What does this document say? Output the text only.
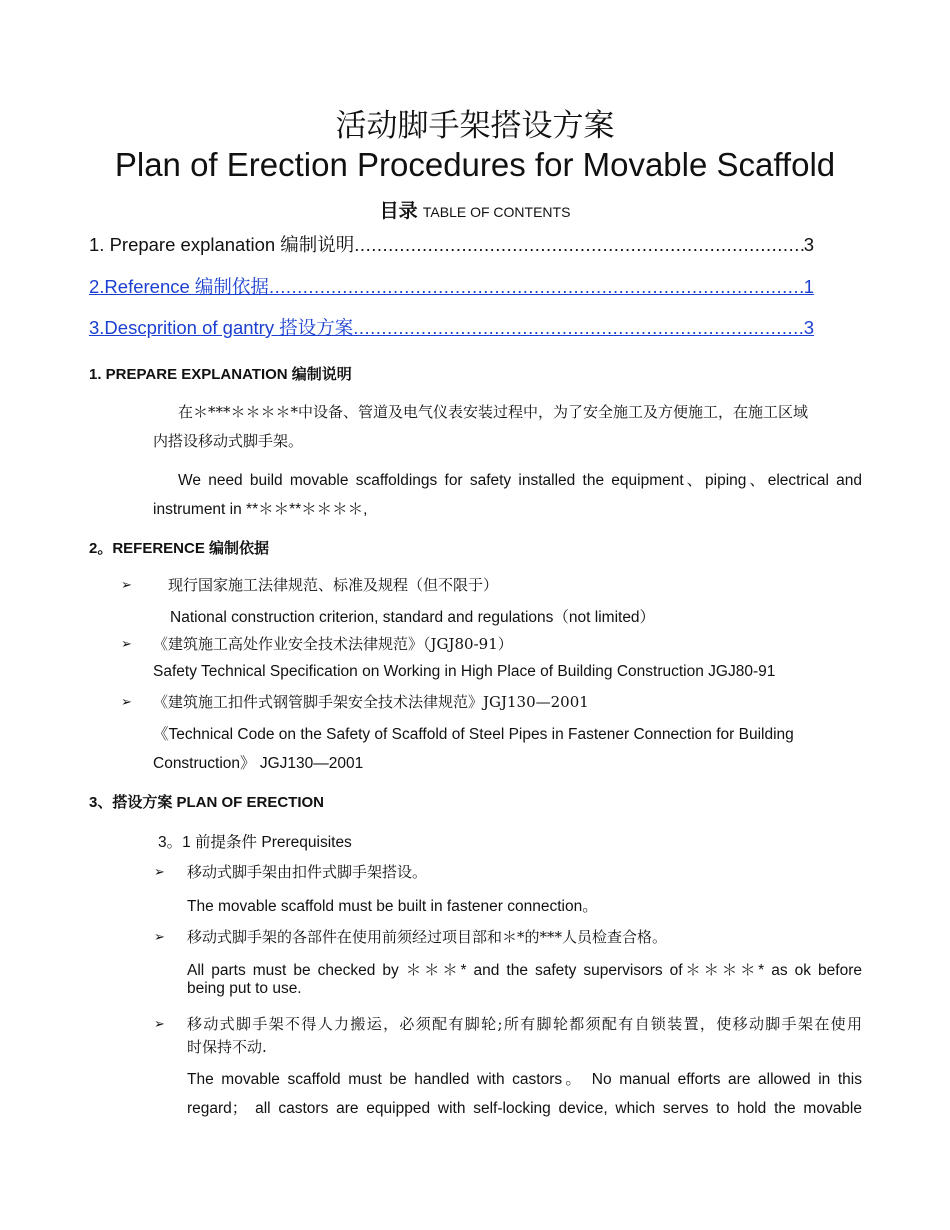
活动脚手架搭设方案
Plan of Erection Procedures for Movable Scaffold
目录 TABLE OF CONTENTS
1. Prepare explanation 编制说明 .....	3
2.Reference 编制依据 .....	1
3.Descprition of gantry 搭设方案 .....	3
1. PREPARE EXPLANATION 编制说明
在＊***＊＊＊＊*中设备、管道及电气仪表安装过程中，为了安全施工及方便施工，在施工区域
内搭设移动式脚手架。
We need build movable scaffoldings for safety installed the equipment、piping、electrical and
instrument in **＊＊**＊＊＊＊,
2。REFERENCE 编制依据
➢ 现行国家施工法律规范、标准及规程（但不限于）
National construction criterion, standard and regulations（not limited）
➢ 《建筑施工高处作业安全技术法律规范》（JGJ80-91）
Safety Technical Specification on Working in High Place of Building Construction JGJ80-91
➢ 《建筑施工扣件式钢管脚手架安全技术法律规范》JGJ130—2001
《Technical Code on the Safety of Scaffold of Steel Pipes in Fastener Connection for Building
Construction》 JGJ130—2001
3、搭设方案 PLAN OF ERECTION
3。1 前提条件 Prerequisites
➢ 移动式脚手架由扣件式脚手架搭设。
The movable scaffold must be built in fastener connection。
➢ 移动式脚手架的各部件在使用前须经过项目部和＊*的***人员检查合格。
All parts must be checked by ＊＊＊* and the safety supervisors of＊＊＊＊* as ok before
being put to use.
➢ 移动式脚手架不得人力搬运，必须配有脚轮;所有脚轮都须配有自锁装置，使移动脚手架在使用
时保持不动.
The movable scaffold must be handled with castors。 No manual efforts are allowed in this
regard； all castors are equipped with self-locking device, which serves to hold the movable
